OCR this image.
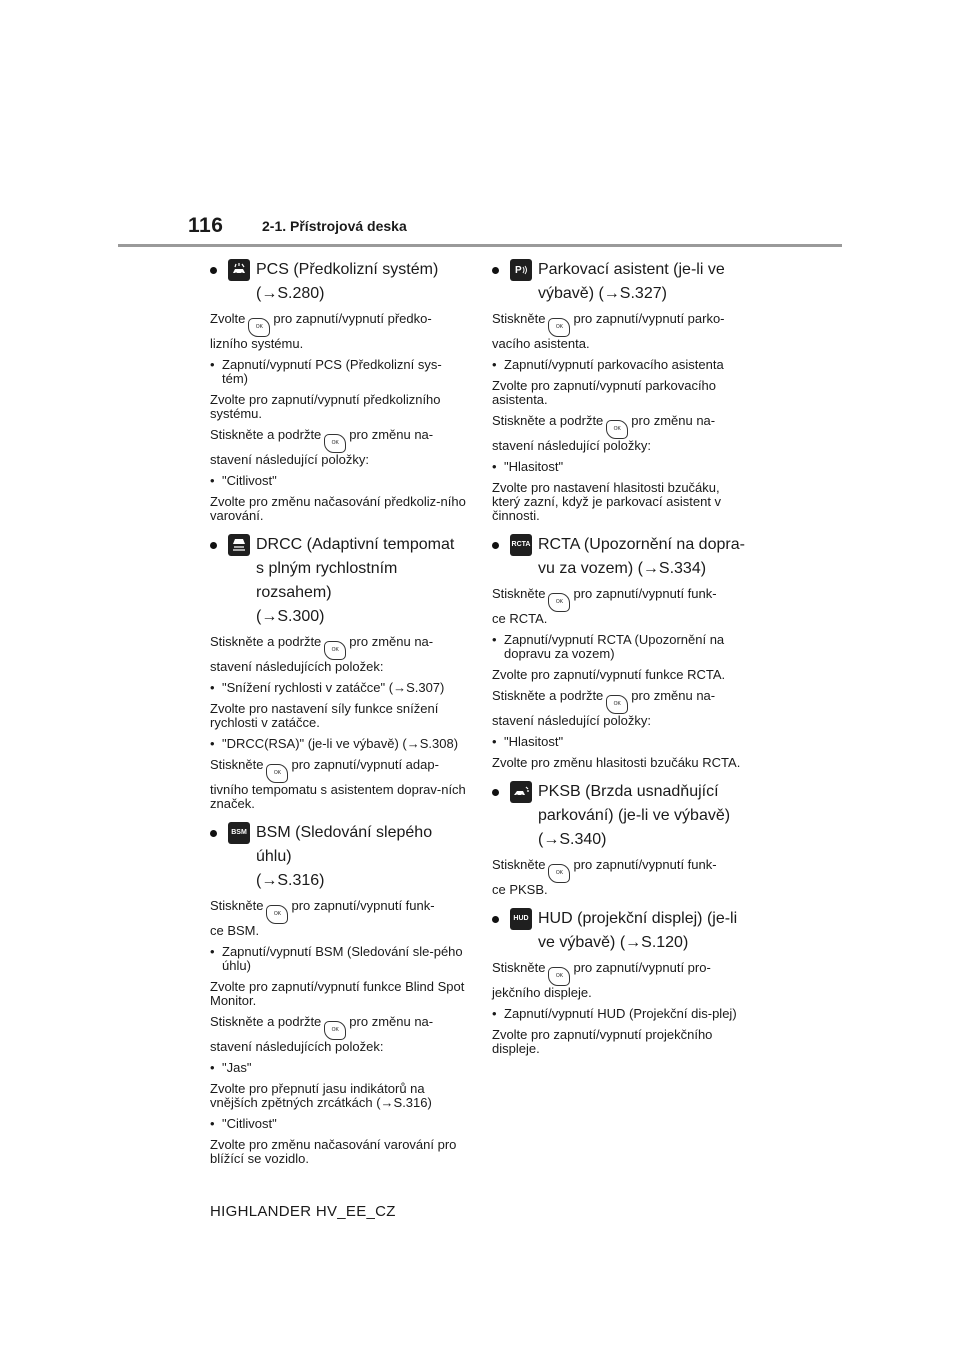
116	2-1. Přístrojová deska
PCS (Předkolizní systém)
(→S.280)

ZvolteOKpro zapnutí/vypnutí předko-
lizního systému.

• Zapnutí/vypnutí PCS (Předkolizní sys-tém)

Zvolte pro zapnutí/vypnutí předkolizního systému.

Stiskněte a podržteOKpro změnu na-
stavení následující položky:

• "Citlivost"

Zvolte pro změnu načasování předkoliz-ního varování.

DRCC (Adaptivní tempomat
s plným rychlostním rozsahem)
(→S.300)

Stiskněte a podržteOKpro změnu na-
stavení následujících položek:

• "Snížení rychlosti v zatáčce" (→S.307)

Zvolte pro nastavení síly funkce snížení rychlosti v zatáčce.

• "DRCC(RSA)" (je-li ve výbavě) (→S.308)

StiskněteOKpro zapnutí/vypnutí adap-
tivního tempomatu s asistentem doprav-ních značek.

BSM BSM (Sledování slepého úhlu)
(→S.316)

StiskněteOKpro zapnutí/vypnutí funk-
ce BSM.

• Zapnutí/vypnutí BSM (Sledování sle-pého úhlu)

Zvolte pro zapnutí/vypnutí funkce Blind Spot Monitor.

Stiskněte a podržteOKpro změnu na-
stavení následujících položek:

• "Jas"

Zvolte pro přepnutí jasu indikátorů na vnějších zpětných zrcátkách (→S.316)

• "Citlivost"

Zvolte pro změnu načasování varování pro blížící se vozidlo.

P Parkovací asistent (je-li ve
výbavě) (→S.327)

StiskněteOKpro zapnutí/vypnutí parko-
vacího asistenta.

• Zapnutí/vypnutí parkovacího asistenta

Zvolte pro zapnutí/vypnutí parkovacího asistenta.

Stiskněte a podržteOKpro změnu na-
stavení následující položky:

• "Hlasitost"

Zvolte pro nastavení hlasitosti bzučáku, který zazní, když je parkovací asistent v činnosti.

RCTA RCTA (Upozornění na dopra-
vu za vozem) (→S.334)

StiskněteOKpro zapnutí/vypnutí funk-
ce RCTA.

• Zapnutí/vypnutí RCTA (Upozornění na dopravu za vozem)

Zvolte pro zapnutí/vypnutí funkce RCTA.

Stiskněte a podržteOKpro změnu na-
stavení následující položky:

• "Hlasitost"

Zvolte pro změnu hlasitosti bzučáku RCTA.

PKSB (Brzda usnadňující
parkování) (je-li ve výbavě)
(→S.340)

StiskněteOKpro zapnutí/vypnutí funk-
ce PKSB.

HUD HUD (projekční displej) (je-li
ve výbavě) (→S.120)

StiskněteOKpro zapnutí/vypnutí pro-
jekčního displeje.

• Zapnutí/vypnutí HUD (Projekční dis-plej)

Zvolte pro zapnutí/vypnutí projekčního displeje.

HIGHLANDER HV_EE_CZ
